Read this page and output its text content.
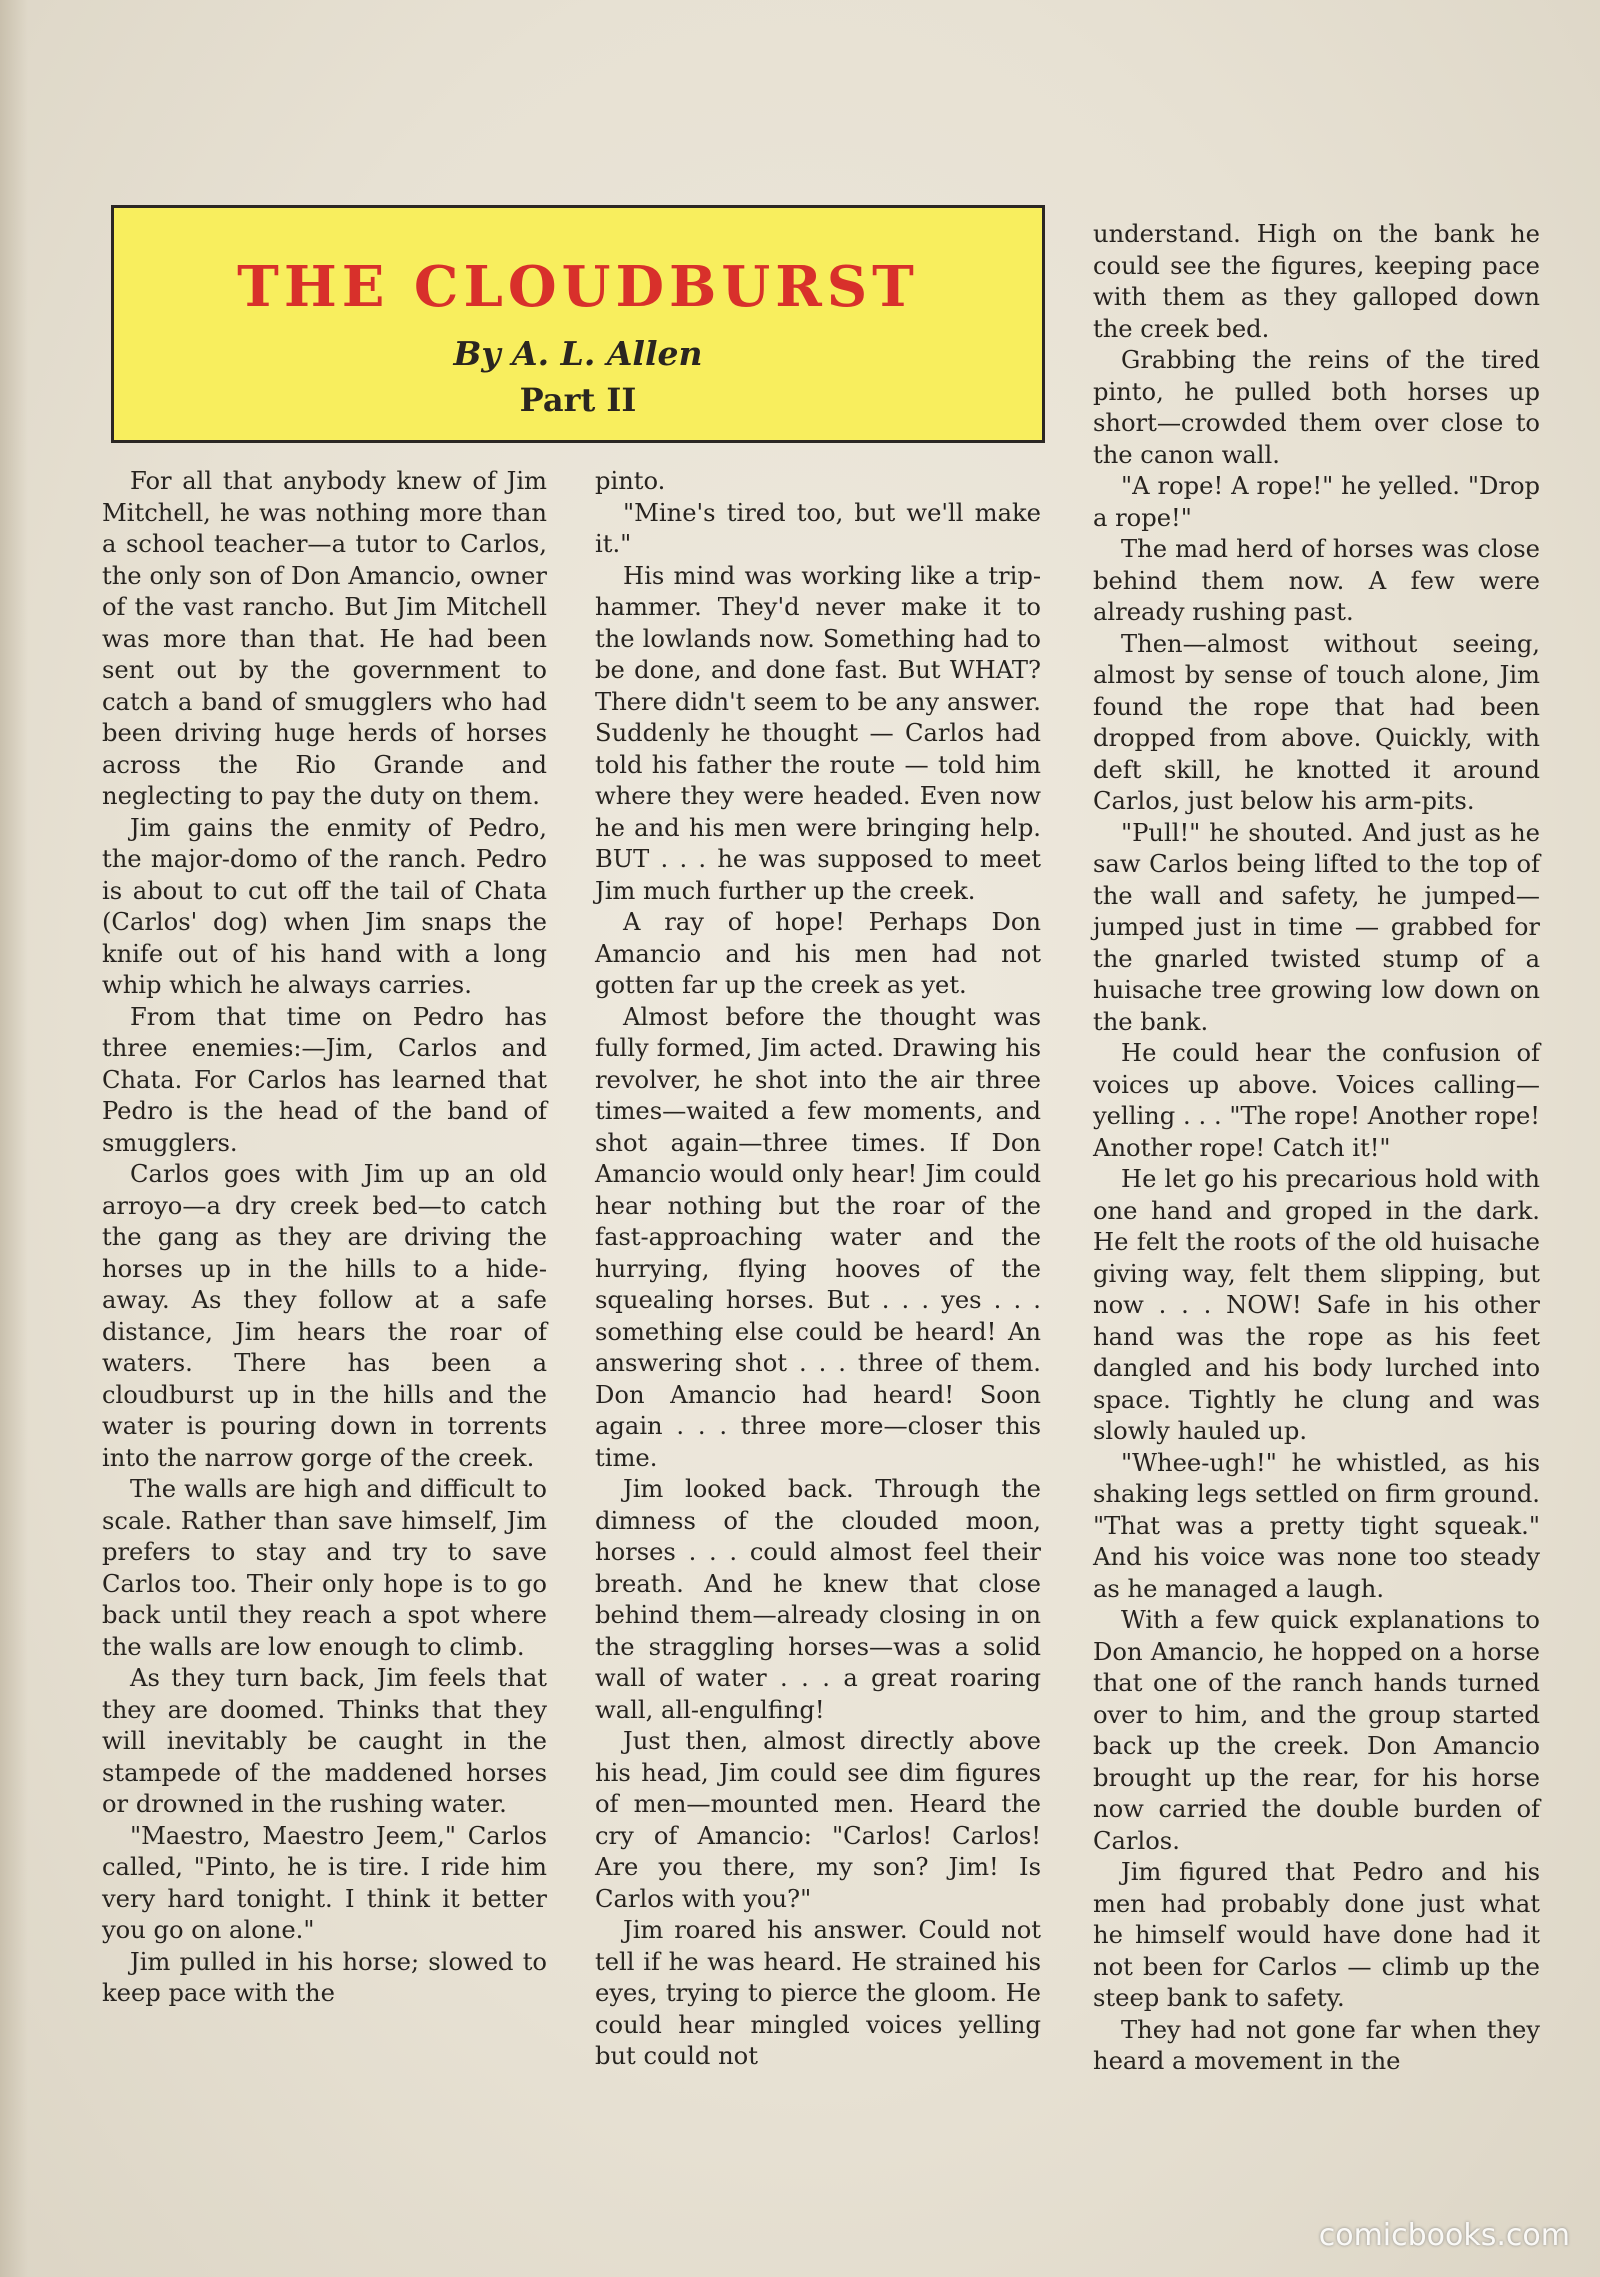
THE CLOUDBURST
By A. L. Allen
Part II

For all that anybody knew of Jim Mitchell, he was nothing more than a school teacher—a tutor to Carlos, the only son of Don Amancio, owner of the vast rancho. But Jim Mitchell was more than that. He had been sent out by the government to catch a band of smugglers who had been driving huge herds of horses across the Rio Grande and neglecting to pay the duty on them.

Jim gains the enmity of Pedro, the major-domo of the ranch. Pedro is about to cut off the tail of Chata (Carlos' dog) when Jim snaps the knife out of his hand with a long whip which he always carries.

From that time on Pedro has three enemies:—Jim, Carlos and Chata. For Carlos has learned that Pedro is the head of the band of smugglers.

Carlos goes with Jim up an old arroyo—a dry creek bed—to catch the gang as they are driving the horses up in the hills to a hide-away. As they follow at a safe distance, Jim hears the roar of waters. There has been a cloudburst up in the hills and the water is pouring down in torrents into the narrow gorge of the creek.

The walls are high and difficult to scale. Rather than save himself, Jim prefers to stay and try to save Carlos too. Their only hope is to go back until they reach a spot where the walls are low enough to climb.

As they turn back, Jim feels that they are doomed. Thinks that they will inevitably be caught in the stampede of the maddened horses or drowned in the rushing water.

"Maestro, Maestro Jeem," Carlos called, "Pinto, he is tire. I ride him very hard tonight. I think it better you go on alone."

Jim pulled in his horse; slowed to keep pace with the

pinto.

"Mine's tired too, but we'll make it."

His mind was working like a trip-hammer. They'd never make it to the lowlands now. Something had to be done, and done fast. But WHAT? There didn't seem to be any answer. Suddenly he thought — Carlos had told his father the route — told him where they were headed. Even now he and his men were bringing help. BUT . . . he was supposed to meet Jim much further up the creek.

A ray of hope! Perhaps Don Amancio and his men had not gotten far up the creek as yet.

Almost before the thought was fully formed, Jim acted. Drawing his revolver, he shot into the air three times—waited a few moments, and shot again—three times. If Don Amancio would only hear! Jim could hear nothing but the roar of the fast-approaching water and the hurrying, flying hooves of the squealing horses. But . . . yes . . . something else could be heard! An answering shot . . . three of them. Don Amancio had heard! Soon again . . . three more—closer this time.

Jim looked back. Through the dimness of the clouded moon, horses . . . could almost feel their breath. And he knew that close behind them—already closing in on the straggling horses—was a solid wall of water . . . a great roaring wall, all-engulfing!

Just then, almost directly above his head, Jim could see dim figures of men—mounted men. Heard the cry of Amancio: "Carlos! Carlos! Are you there, my son? Jim! Is Carlos with you?"

Jim roared his answer. Could not tell if he was heard. He strained his eyes, trying to pierce the gloom. He could hear mingled voices yelling but could not

understand. High on the bank he could see the figures, keeping pace with them as they galloped down the creek bed.

Grabbing the reins of the tired pinto, he pulled both horses up short—crowded them over close to the canon wall.

"A rope! A rope!" he yelled. "Drop a rope!"

The mad herd of horses was close behind them now. A few were already rushing past.

Then—almost without seeing, almost by sense of touch alone, Jim found the rope that had been dropped from above. Quickly, with deft skill, he knotted it around Carlos, just below his arm-pits.

"Pull!" he shouted. And just as he saw Carlos being lifted to the top of the wall and safety, he jumped—jumped just in time — grabbed for the gnarled twisted stump of a huisache tree growing low down on the bank.

He could hear the confusion of voices up above. Voices calling—yelling . . . "The rope! Another rope! Another rope! Catch it!"

He let go his precarious hold with one hand and groped in the dark. He felt the roots of the old huisache giving way, felt them slipping, but now . . . NOW! Safe in his other hand was the rope as his feet dangled and his body lurched into space. Tightly he clung and was slowly hauled up.

"Whee-ugh!" he whistled, as his shaking legs settled on firm ground. "That was a pretty tight squeak." And his voice was none too steady as he managed a laugh.

With a few quick explanations to Don Amancio, he hopped on a horse that one of the ranch hands turned over to him, and the group started back up the creek. Don Amancio brought up the rear, for his horse now carried the double burden of Carlos.

Jim figured that Pedro and his men had probably done just what he himself would have done had it not been for Carlos — climb up the steep bank to safety.

They had not gone far when they heard a movement in the

comicbooks.com
